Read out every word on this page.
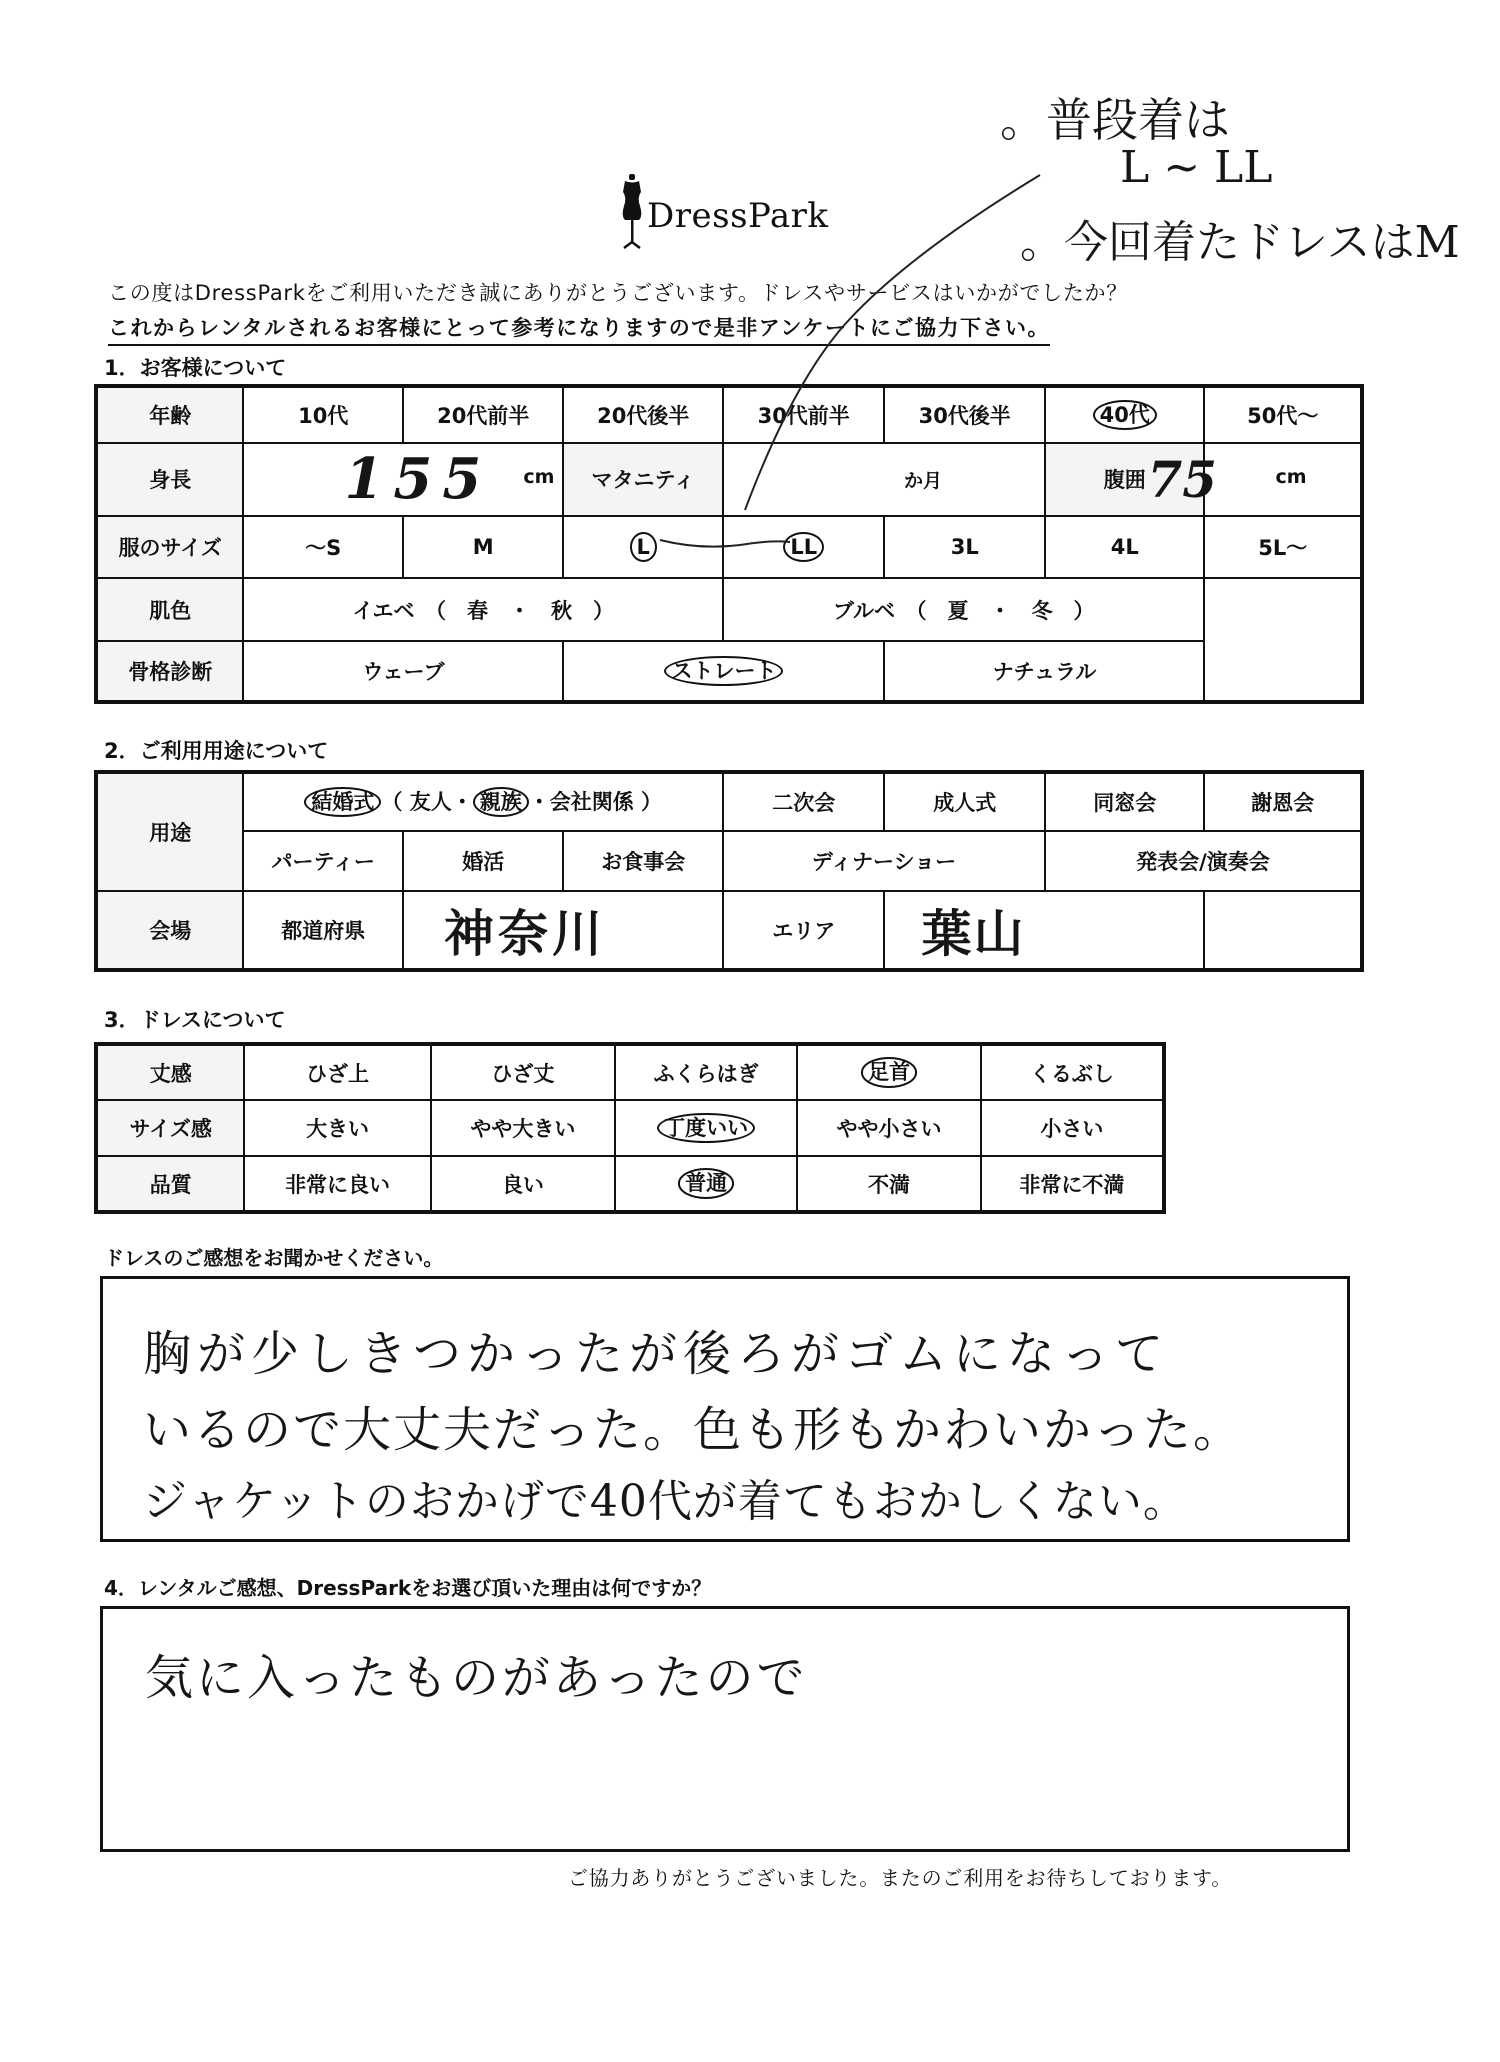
DressPark
。普段着は
L ~ LL
。今回着たドレスはM
この度はDressParkをご利用いただき誠にありがとうございます。ドレスやサービスはいかがでしたか？
これからレンタルされるお客様にとって参考になりますので是非アンケートにご協力下さい。
1．お客様について
年齢	10代	20代前半	20代後半	30代前半	30代後半	40代	50代～
身長	155 cm		マタニティ	か月		腹囲	75 cm

服のサイズ	～S	M	L	LL	3L	4L	5L～
肌色	イエベ　（　春　・　秋　）			ブルベ　（　夏　・　冬　）			
骨格診断	ウェーブ		ストレート		ナチュラル		
2．ご利用用途について
用途	結婚式 （ 友人・ 親族 ・会社関係 ）			二次会	成人式	同窓会	謝恩会
	パーティー	婚活	お食事会	ディナーショー		発表会/演奏会	
会場	都道府県	神奈川		エリア	葉山		
3．ドレスについて
丈感	ひざ上	ひざ丈	ふくらはぎ	足首	くるぶし
サイズ感	大きい	やや大きい	丁度いい	やや小さい	小さい
品質	非常に良い	良い	普通	不満	非常に不満
ドレスのご感想をお聞かせください。
胸が少しきつかったが後ろがゴムになって
いるので大丈夫だった。色も形もかわいかった。
ジャケットのおかげで40代が着てもおかしくない。
4．レンタルご感想、DressParkをお選び頂いた理由は何ですか？
気に入ったものがあったので
ご協力ありがとうございました。またのご利用をお待ちしております。
